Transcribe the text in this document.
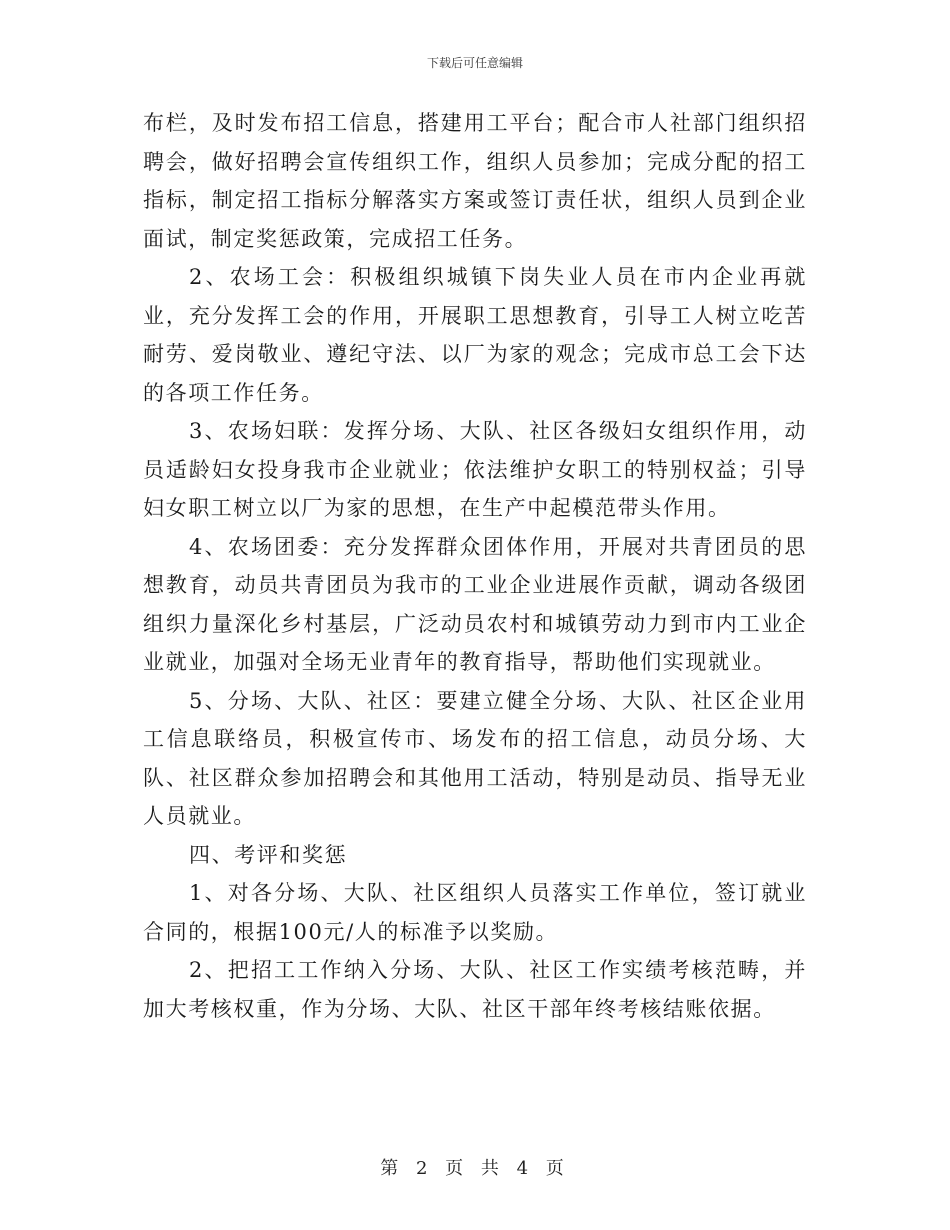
下载后可任意编辑

布栏，及时发布招工信息，搭建用工平台；配合市人社部门组织招聘会，做好招聘会宣传组织工作，组织人员参加；完成分配的招工指标，制定招工指标分解落实方案或签订责任状，组织人员到企业面试，制定奖惩政策，完成招工任务。

2、农场工会：积极组织城镇下岗失业人员在市内企业再就业，充分发挥工会的作用，开展职工思想教育，引导工人树立吃苦耐劳、爱岗敬业、遵纪守法、以厂为家的观念；完成市总工会下达的各项工作任务。

3、农场妇联：发挥分场、大队、社区各级妇女组织作用，动员适龄妇女投身我市企业就业；依法维护女职工的特别权益；引导妇女职工树立以厂为家的思想，在生产中起模范带头作用。

4、农场团委：充分发挥群众团体作用，开展对共青团员的思想教育，动员共青团员为我市的工业企业进展作贡献，调动各级团组织力量深化乡村基层，广泛动员农村和城镇劳动力到市内工业企业就业，加强对全场无业青年的教育指导，帮助他们实现就业。

5、分场、大队、社区：要建立健全分场、大队、社区企业用工信息联络员，积极宣传市、场发布的招工信息，动员分场、大队、社区群众参加招聘会和其他用工活动，特别是动员、指导无业人员就业。

四、考评和奖惩

1、对各分场、大队、社区组织人员落实工作单位，签订就业合同的，根据100元/人的标准予以奖励。

2、把招工工作纳入分场、大队、社区工作实绩考核范畴，并加大考核权重，作为分场、大队、社区干部年终考核结账依据。

第 2 页 共 4 页
